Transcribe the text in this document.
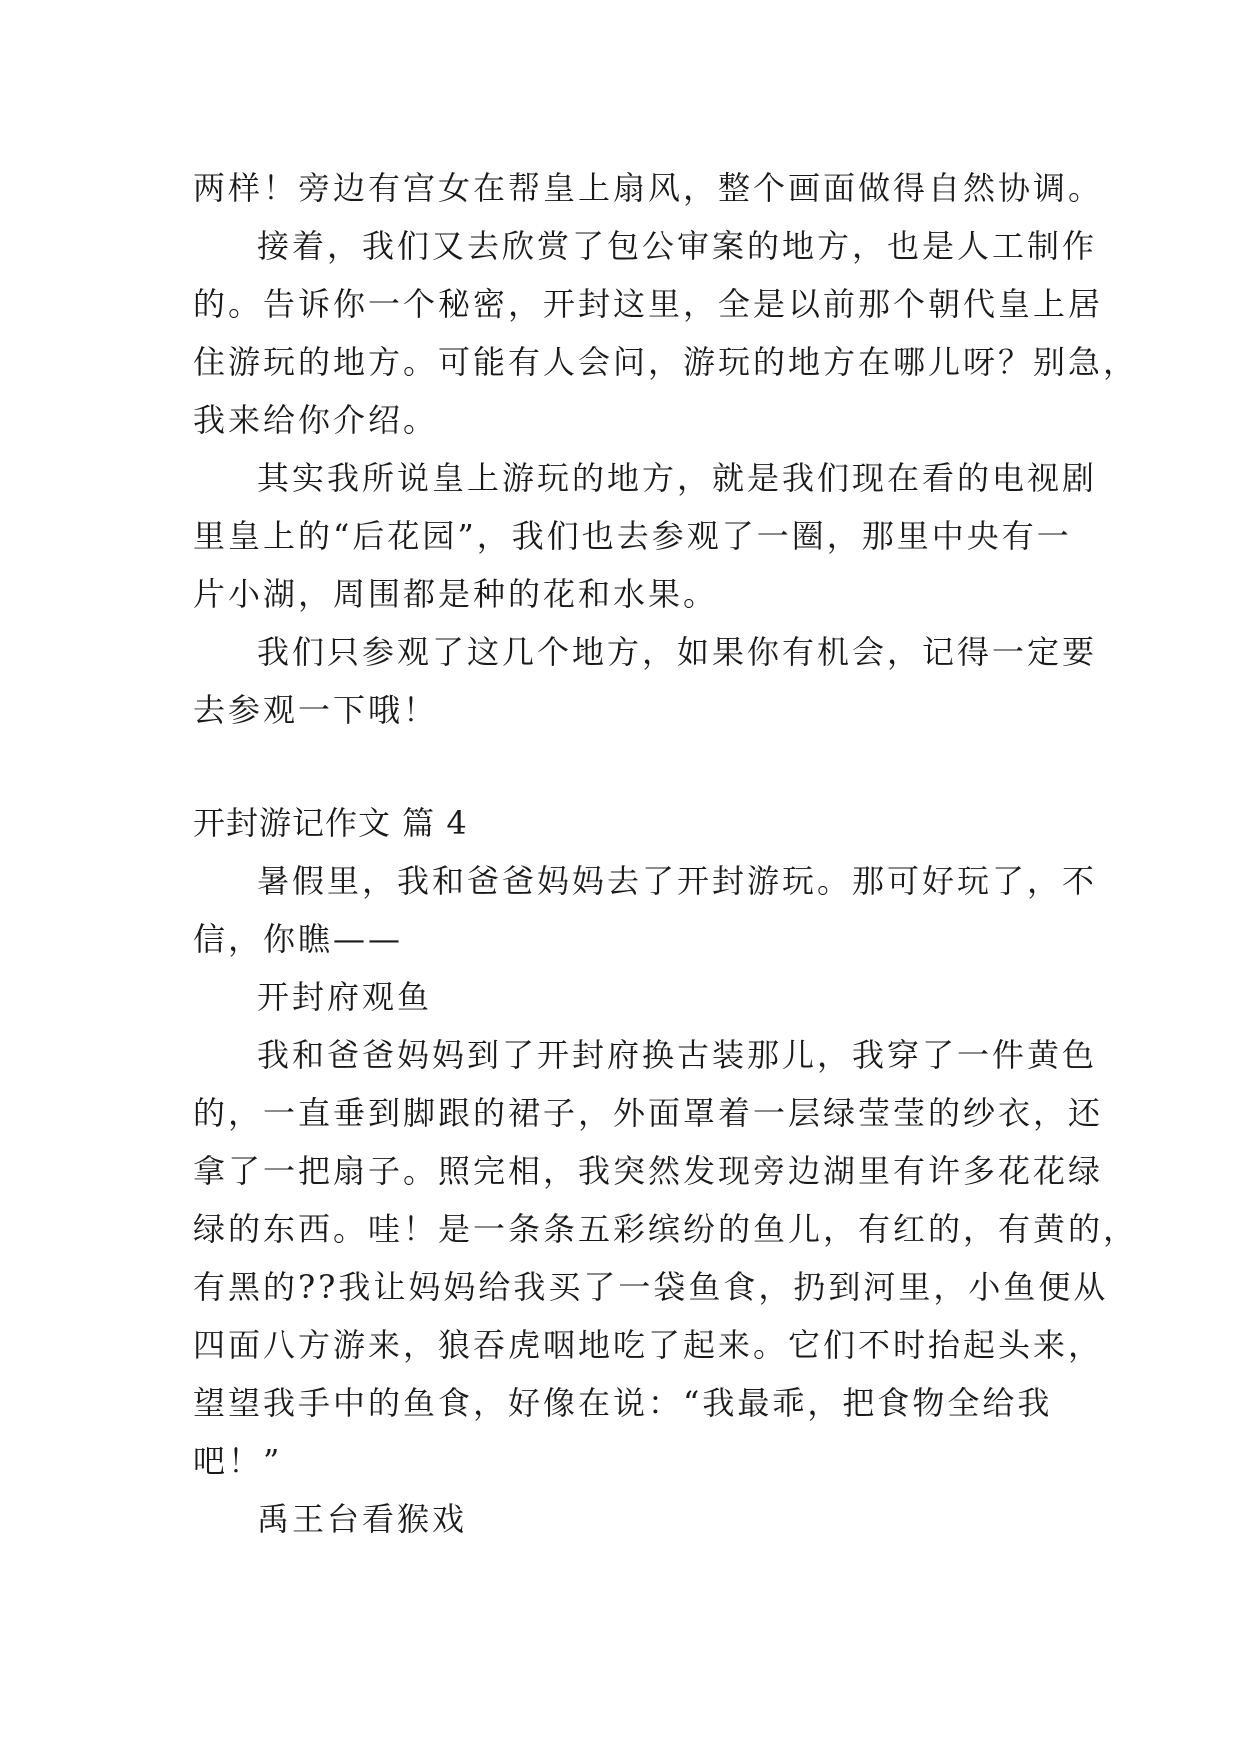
两样！旁边有宫女在帮皇上扇风，整个画面做得自然协调。
接着，我们又去欣赏了包公审案的地方，也是人工制作
的。告诉你一个秘密，开封这里，全是以前那个朝代皇上居
住游玩的地方。可能有人会问，游玩的地方在哪儿呀？别急，
我来给你介绍。
其实我所说皇上游玩的地方，就是我们现在看的电视剧
里皇上的“后花园”，我们也去参观了一圈，那里中央有一
片小湖，周围都是种的花和水果。
我们只参观了这几个地方，如果你有机会，记得一定要
去参观一下哦！
开封游记作文 篇 4
暑假里，我和爸爸妈妈去了开封游玩。那可好玩了，不
信，你瞧——
开封府观鱼
我和爸爸妈妈到了开封府换古装那儿，我穿了一件黄色
的，一直垂到脚跟的裙子，外面罩着一层绿莹莹的纱衣，还
拿了一把扇子。照完相，我突然发现旁边湖里有许多花花绿
绿的东西。哇！是一条条五彩缤纷的鱼儿，有红的，有黄的，
有黑的??我让妈妈给我买了一袋鱼食，扔到河里，小鱼便从
四面八方游来，狼吞虎咽地吃了起来。它们不时抬起头来，
望望我手中的鱼食，好像在说：“我最乖，把食物全给我
吧！”
禹王台看猴戏
